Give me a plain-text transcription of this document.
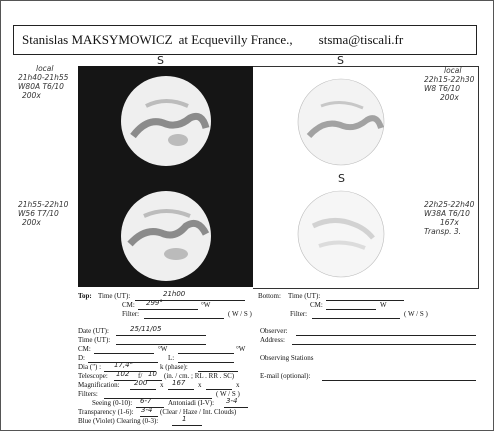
Stanislas MAKSYMOWICZ at Ecquevilly France., stsma@tiscali.fr
local
21h40-21h55
W80A T6/10
200x
21h55-22h10
W56 T7/10
200x
local
22h15-22h30
W8 T6/10
200x
22h25-22h40
W38A T6/10
167x
Transp. 3.
S	S
S
Top: Time (UT):	21h00	Bottom: Time (UT):
CM: 299°	°W	CM:	W
Filter:	( W / S )	Filter:	( W / S )
Date (UT):	25/11/05	Observer:
Time (UT):	Address:
CM:	°W	°W
D:	L:	Observing Stations
Dia (") : 17,4"	k (phase):
Telescope: 102 f/ 10 (in. / cm. ; RL . RR . SC)	E-mail (optional):
Magnification: 200 x 167 x	x
Filters:	( W / S )
Seeing (0-10): 6-7 Antoniadi (I-V): 3-4
Transparency (1-6): 3-4 (Clear / Haze / Int. Clouds)
Blue (Violet) Clearing (0-3):	1
